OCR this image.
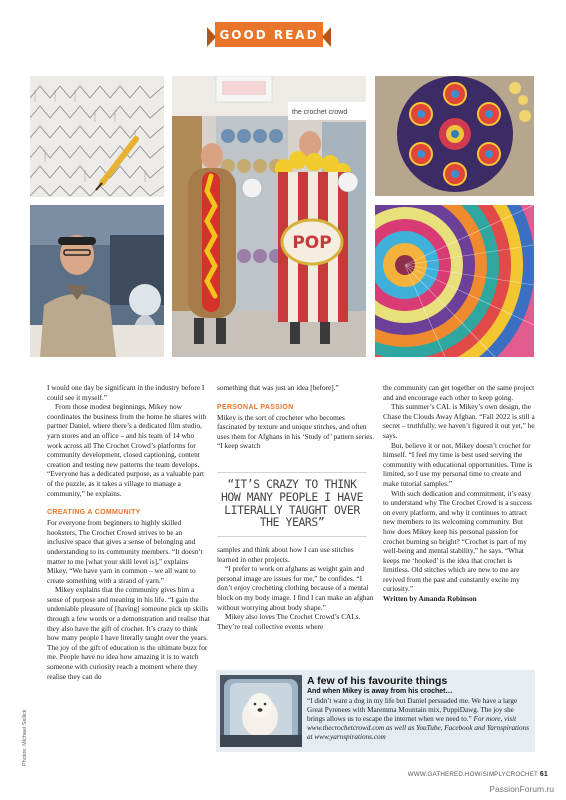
GOOD READ
the crochet crowd
POP

I would one day be significant in the industry before I could see it myself.”

From those modest beginnings, Mikey now coordinates the business from the home he shares with partner Daniel, where there’s a dedicated film studio, yarn stores and an office – and his team of 14 who work across all The Crochet Crowd’s platforms for community development, closed captioning, content creation and testing new patterns the team develops. “Everyone has a dedicated purpose, as a valuable part of the puzzle, as it takes a village to manage a community,” he explains.

CREATING A COMMUNITY

For everyone from beginners to highly skilled hooksters, The Crochet Crowd strives to be an inclusive space that gives a sense of belonging and understanding to its community members. “It doesn’t matter to me [what your skill level is],” explains Mikey. “We have yarn in common – we all want to create something with a strand of yarn.”

Mikey explains that the community gives him a sense of purpose and meaning in his life. “I gain the undeniable pleasure of [having] someone pick up skills through a few words or a demonstration and realise that they also have the gift of crochet. It’s crazy to think how many people I have literally taught over the years. The joy of the gift of education is the ultimate buzz for me. People have no idea how amazing it is to watch someone with curiosity reach a moment where they realise they can do

something that was just an idea [before].”

PERSONAL PASSION

Mikey is the sort of crocheter who becomes fascinated by texture and unique stitches, and often uses them for Afghans in his ‘Study of’ pattern series. “I keep swatch

“IT’S CRAZY TO THINK HOW MANY PEOPLE I HAVE LITERALLY TAUGHT OVER THE YEARS”

samples and think about how I can use stitches learned in other projects.

“I prefer to work on afghans as weight gain and personal image are issues for me,” he confides. “I don’t enjoy crocheting clothing because of a mental block on my body image. I find I can make an afghan without worrying about body shape.”

Mikey also loves The Crochet Crowd’s CALs. They’re real collective events where

the community can get together on the same project and and encourage each other to keep going.

This summer’s CAL is Mikey’s own design, the Chase the Clouds Away Afghan. “Fall 2022 is still a secret – truthfully, we haven’t figured it out yet,” he says.

But, believe it or not, Mikey doesn’t crochet for himself. “I feel my time is best used serving the community with educational opportunities. Time is limited, so I use my personal time to create and make tutorial samples.”

With such dedication and commitment, it’s easy to understand why The Crochet Crowd is a success on every platform, and why it continues to attract new members to its welcoming community. But how does Mikey keep his personal passion for crochet burning so bright? “Crochet is part of my well-being and mental stability,” he says. “What keeps me ‘hooked’ is the idea that crochet is limitless. Old stitches which are new to me are revived from the past and constantly excite my curiosity.”

Written by Amanda Robinson

A few of his favourite things
And when Mikey is away from his crochet…
“I didn’t want a dog in my life but Daniel persuaded me. We have a large Great Pyrenees with Maremma Mountain mix, PuppiDawg. The joy she brings allows us to escape the internet when we need to.” For more, visit www.thecrochetcrowd.com as well as YouTube, Facebook and Yarnspirations at www.yarnspirations.com
Photos: Michael Sellick
WWW.GATHERED.HOW/SIMPLYCROCHET 61
PassionForum.ru
